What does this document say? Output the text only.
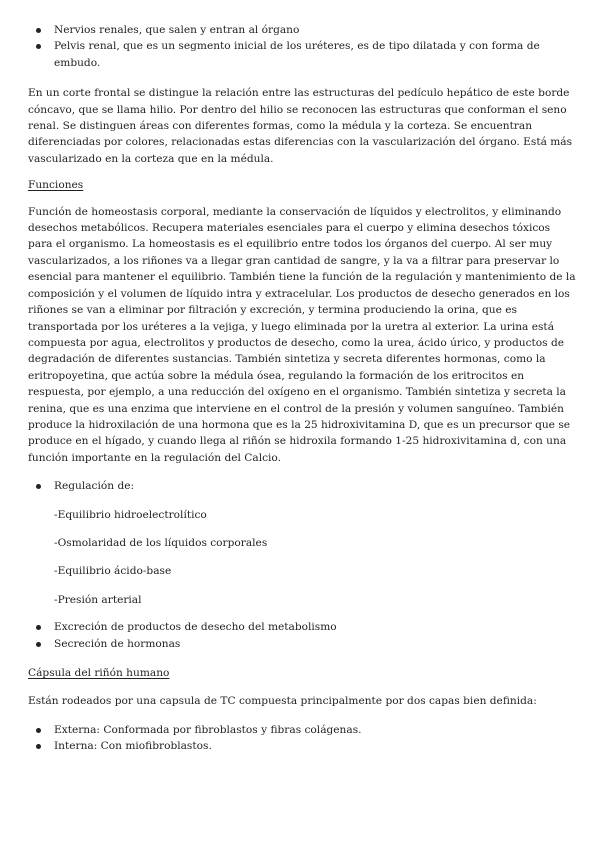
Nervios renales, que salen y entran al órgano
Pelvis renal, que es un segmento inicial de los uréteres, es de tipo dilatada y con forma de embudo.

En un corte frontal se distingue la relación entre las estructuras del pedículo hepático de este borde cóncavo, que se llama hilio. Por dentro del hilio se reconocen las estructuras que conforman el seno renal. Se distinguen áreas con diferentes formas, como la médula y la corteza. Se encuentran diferenciadas por colores, relacionadas estas diferencias con la vascularización del órgano. Está más vascularizado en la corteza que en la médula.

Funciones

Función de homeostasis corporal, mediante la conservación de líquidos y electrolitos, y eliminando desechos metabólicos. Recupera materiales esenciales para el cuerpo y elimina desechos tóxicos para el organismo. La homeostasis es el equilibrio entre todos los órganos del cuerpo. Al ser muy vascularizados, a los riñones va a llegar gran cantidad de sangre, y la va a filtrar para preservar lo esencial para mantener el equilibrio. También tiene la función de la regulación y mantenimiento de la composición y el volumen de líquido intra y extracelular. Los productos de desecho generados en los riñones se van a eliminar por filtración y excreción, y termina produciendo la orina, que es transportada por los uréteres a la vejiga, y luego eliminada por la uretra al exterior. La urina está compuesta por agua, electrolitos y productos de desecho, como la urea, ácido úrico, y productos de degradación de diferentes sustancias. También sintetiza y secreta diferentes hormonas, como la eritropoyetina, que actúa sobre la médula ósea, regulando la formación de los eritrocitos en respuesta, por ejemplo, a una reducción del oxígeno en el organismo. También sintetiza y secreta la renina, que es una enzima que interviene en el control de la presión y volumen sanguíneo. También produce la hidroxilación de una hormona que es la 25 hidroxivitamina D, que es un precursor que se produce en el hígado, y cuando llega al riñón se hidroxila formando 1-25 hidroxivitamina d, con una función importante en la regulación del Calcio.

Regulación de:

-Equilibrio hidroelectrolítico

-Osmolaridad de los líquidos corporales

-Equilibrio ácido-base

-Presión arterial

Excreción de productos de desecho del metabolismo
Secreción de hormonas

Cápsula del riñón humano

Están rodeados por una capsula de TC compuesta principalmente por dos capas bien definida:

Externa: Conformada por fibroblastos y fibras colágenas.
Interna: Con miofibroblastos.
